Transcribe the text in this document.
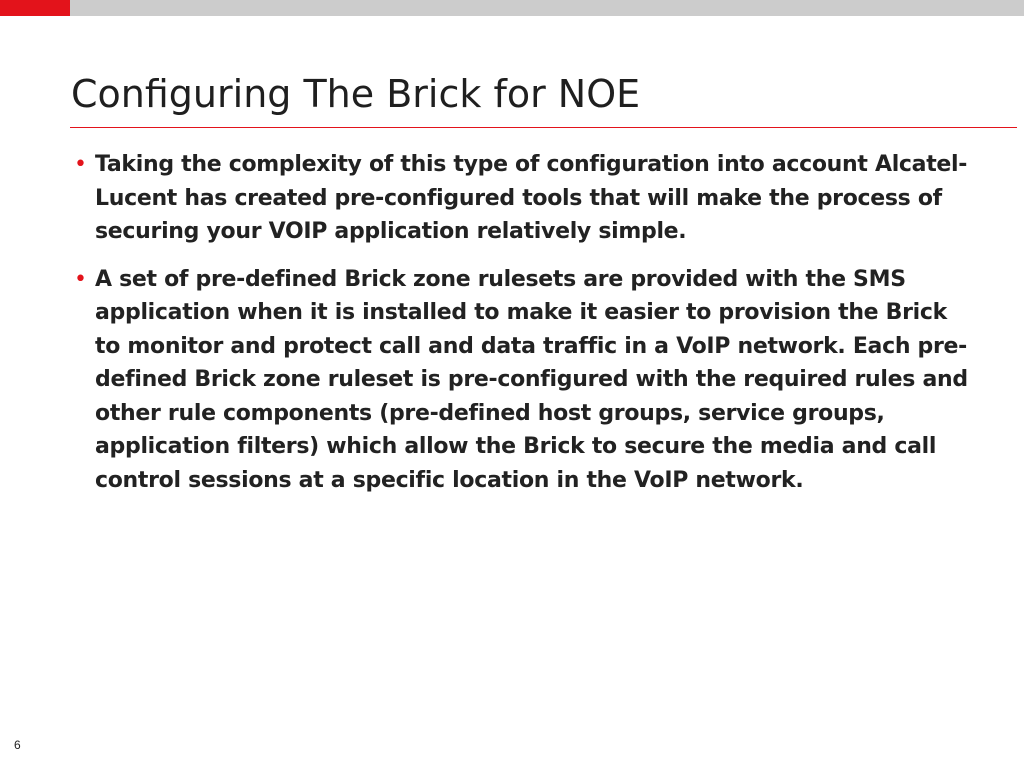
Configuring The Brick for NOE
• Taking the complexity of this type of configuration into account Alcatel-Lucent has created pre-configured tools that will make the process of securing your VOIP application relatively simple.
• A set of pre-defined Brick zone rulesets are provided with the SMS application when it is installed to make it easier to provision the Brick to monitor and protect call and data traffic in a VoIP network. Each pre-defined Brick zone ruleset is pre-configured with the required rules and other rule components (pre-defined host groups, service groups, application filters) which allow the Brick to secure the media and call control sessions at a specific location in the VoIP network.
6
